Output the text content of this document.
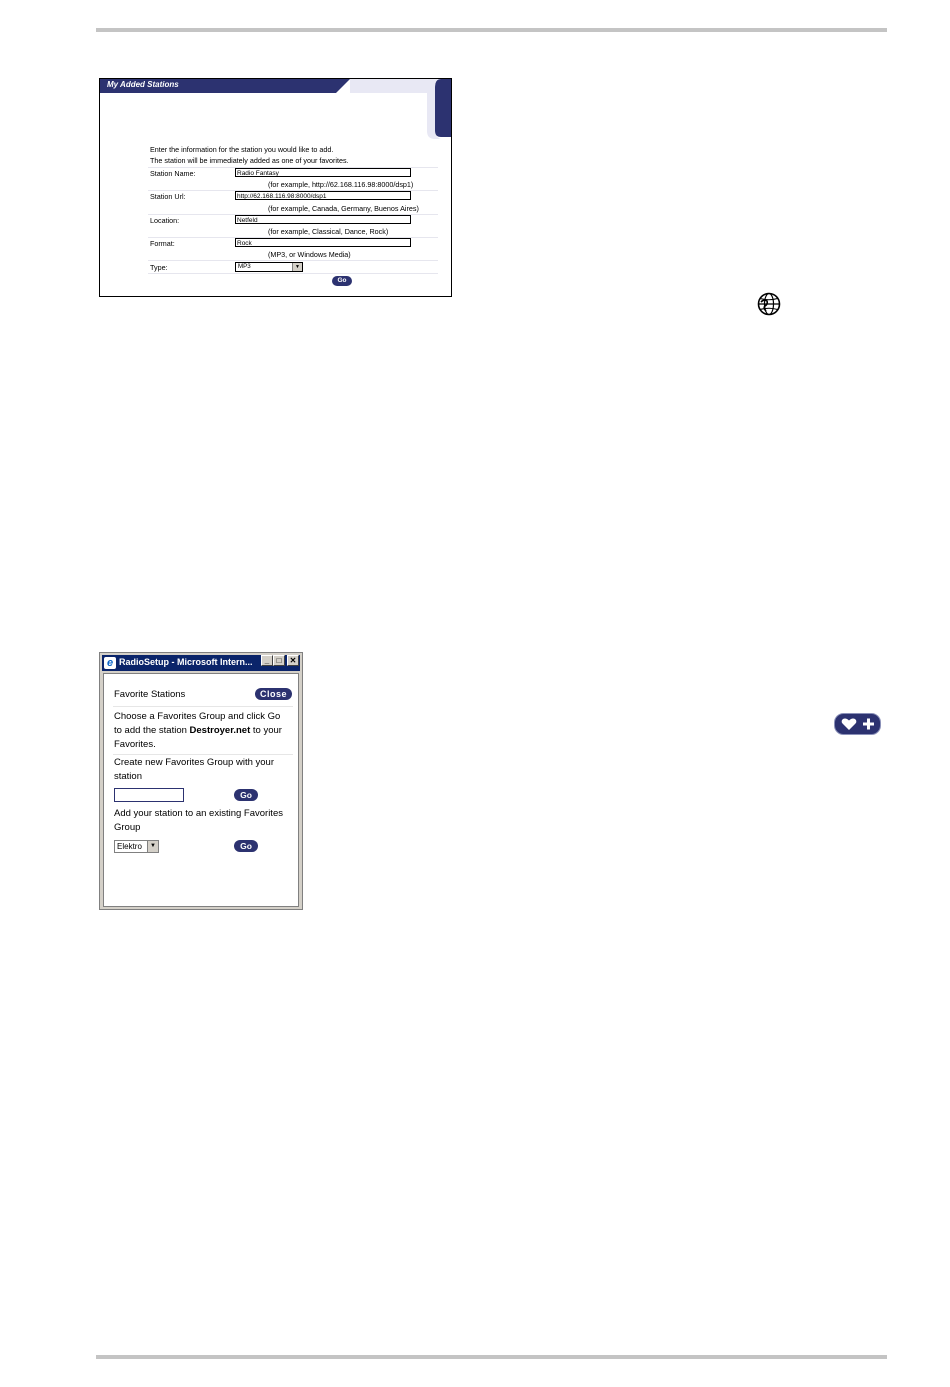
My Added Stations
Enter the information for the station you would like to add.
The station will be immediately added as one of your favorites.
Station Name:	Radio Fantasy
(for example, http://62.168.116.98:8000/dsp1)
Station Url:	http://62.168.116.98:8000/dsp1
(for example, Canada, Germany, Buenos Aires)
Location:	Netfeld
(for example, Classical, Dance, Rock)
Format:	Rock
(MP3, or Windows Media)
Type:	MP3	▼
Go
e RadioSetup - Microsoft Intern...	_ □	✕
Favorite Stations	Close
Choose a Favorites Group and click Go
to add the station Destroyer.net to your
Favorites.
Create new Favorites Group with your
station
Go
Add your station to an existing Favorites
Group
Elektro	▼	Go
